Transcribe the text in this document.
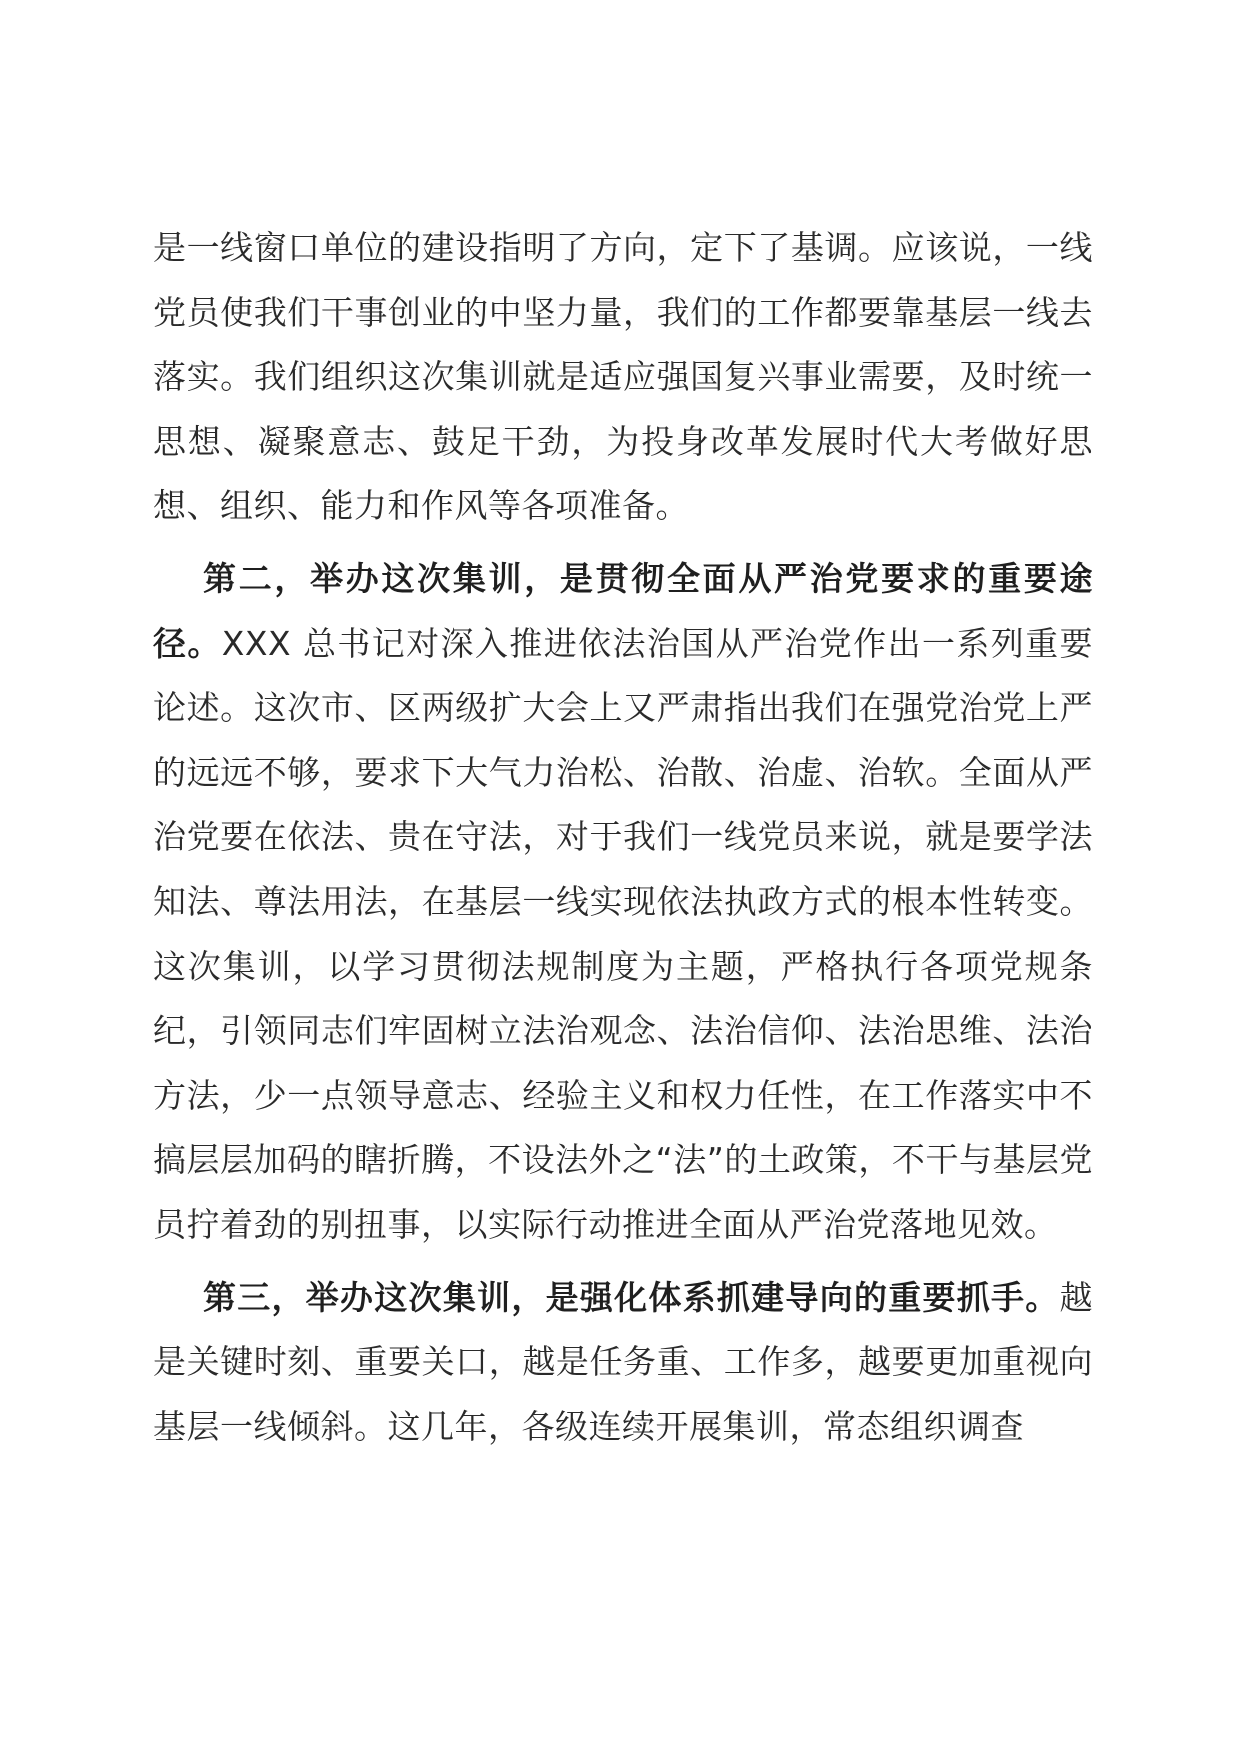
是一线窗口单位的建设指明了方向，定下了基调。应该说，一线党员使我们干事创业的中坚力量，我们的工作都要靠基层一线去落实。我们组织这次集训就是适应强国复兴事业需要，及时统一思想、凝聚意志、鼓足干劲，为投身改革发展时代大考做好思想、组织、能力和作风等各项准备。

第二，举办这次集训，是贯彻全面从严治党要求的重要途径。XXX 总书记对深入推进依法治国从严治党作出一系列重要论述。这次市、区两级扩大会上又严肃指出我们在强党治党上严的远远不够，要求下大气力治松、治散、治虚、治软。全面从严治党要在依法、贵在守法，对于我们一线党员来说，就是要学法知法、尊法用法，在基层一线实现依法执政方式的根本性转变。这次集训，以学习贯彻法规制度为主题，严格执行各项党规条纪，引领同志们牢固树立法治观念、法治信仰、法治思维、法治方法，少一点领导意志、经验主义和权力任性，在工作落实中不搞层层加码的瞎折腾，不设法外之“法”的土政策，不干与基层党员拧着劲的别扭事，以实际行动推进全面从严治党落地见效。

第三，举办这次集训，是强化体系抓建导向的重要抓手。越是关键时刻、重要关口，越是任务重、工作多，越要更加重视向基层一线倾斜。这几年，各级连续开展集训，常态组织调查
